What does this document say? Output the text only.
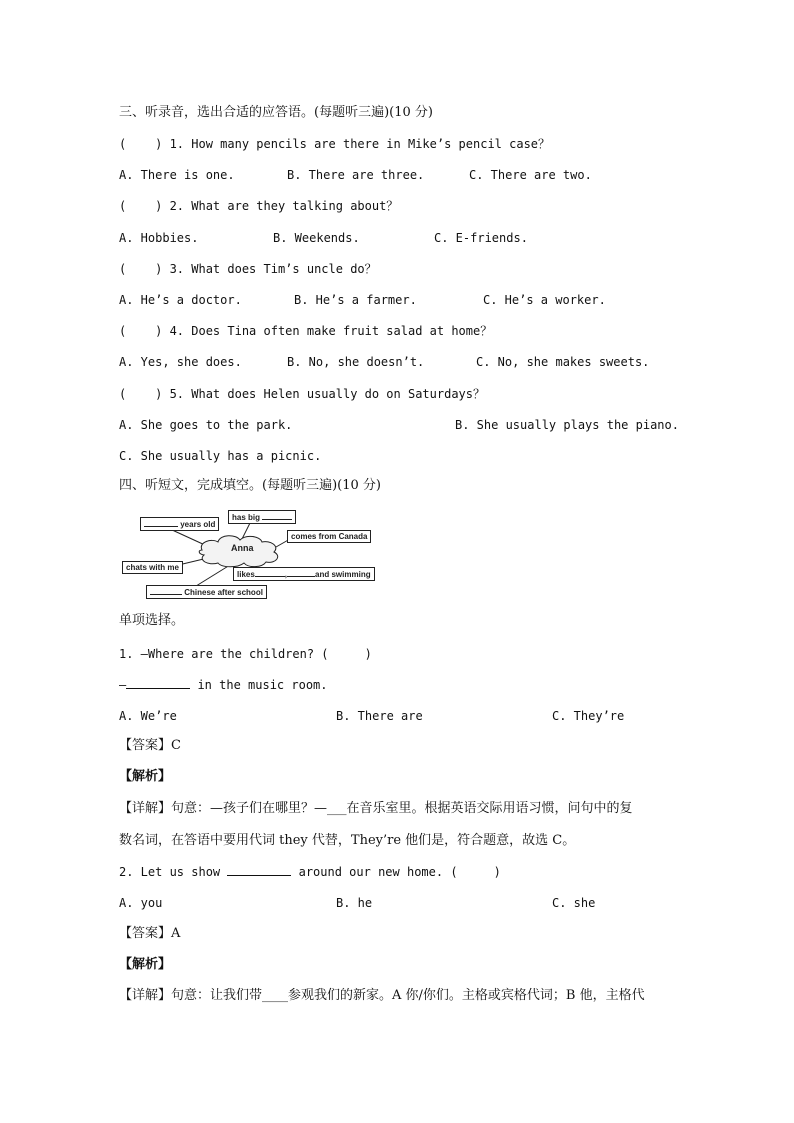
三、听录音，选出合适的应答语。(每题听三遍)(10 分)
(    ) 1. How many pencils are there in Mike’s pencil case？
A. There is one.	B. There are three.	C. There are two.
(    ) 2. What are they talking about？
A. Hobbies.	B. Weekends.	C. E-friends.
(    ) 3. What does Tim’s uncle do？
A. He’s a doctor.	B. He’s a farmer.	C. He’s a worker.
(    ) 4. Does Tina often make fruit salad at home？
A. Yes, she does.	B. No, she doesn’t.	C. No, she makes sweets.
(    ) 5. What does Helen usually do on Saturdays？
A. She goes to the park.	B. She usually plays the piano.
C. She usually has a picnic.
四、听短文，完成填空。(每题听三遍)(10 分)
years old
has big
comes from Canada
Anna
chats with me
likes	,	and swimming
Chinese after school
单项选择。
1. —Where are the children? (     )
—	in the music room.
A. We’re	B. There are	C. They’re
【答案】C
【解析】
【详解】句意：—孩子们在哪里？—___在音乐室里。根据英语交际用语习惯，问句中的复
数名词，在答语中要用代词 they 代替，They’re 他们是，符合题意，故选 C。
2. Let us show	around our new home. (     )
A. you	B. he	C. she
【答案】A
【解析】
【详解】句意：让我们带____参观我们的新家。A 你/你们。主格或宾格代词；B 他，主格代
